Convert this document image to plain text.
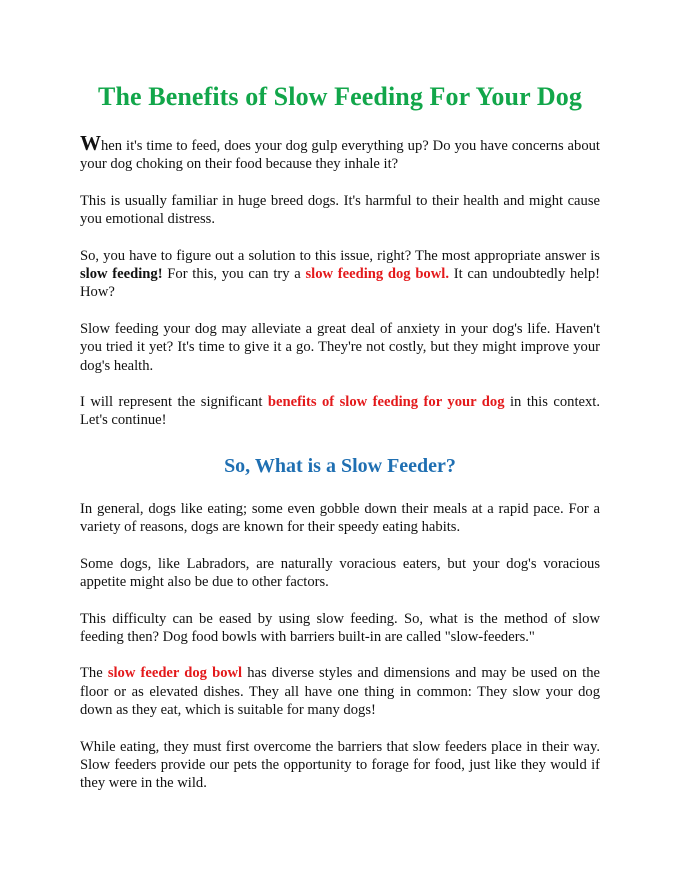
The Benefits of Slow Feeding For Your Dog

When it's time to feed, does your dog gulp everything up? Do you have concerns about your dog choking on their food because they inhale it?

This is usually familiar in huge breed dogs. It's harmful to their health and might cause you emotional distress.

So, you have to figure out a solution to this issue, right? The most appropriate answer is slow feeding! For this, you can try a slow feeding dog bowl. It can undoubtedly help! How?

Slow feeding your dog may alleviate a great deal of anxiety in your dog's life. Haven't you tried it yet? It's time to give it a go. They're not costly, but they might improve your dog's health.

I will represent the significant benefits of slow feeding for your dog in this context. Let's continue!

So, What is a Slow Feeder?

In general, dogs like eating; some even gobble down their meals at a rapid pace. For a variety of reasons, dogs are known for their speedy eating habits.

Some dogs, like Labradors, are naturally voracious eaters, but your dog's voracious appetite might also be due to other factors.

This difficulty can be eased by using slow feeding. So, what is the method of slow feeding then? Dog food bowls with barriers built-in are called "slow-feeders."

The slow feeder dog bowl has diverse styles and dimensions and may be used on the floor or as elevated dishes. They all have one thing in common: They slow your dog down as they eat, which is suitable for many dogs!

While eating, they must first overcome the barriers that slow feeders place in their way. Slow feeders provide our pets the opportunity to forage for food, just like they would if they were in the wild.
